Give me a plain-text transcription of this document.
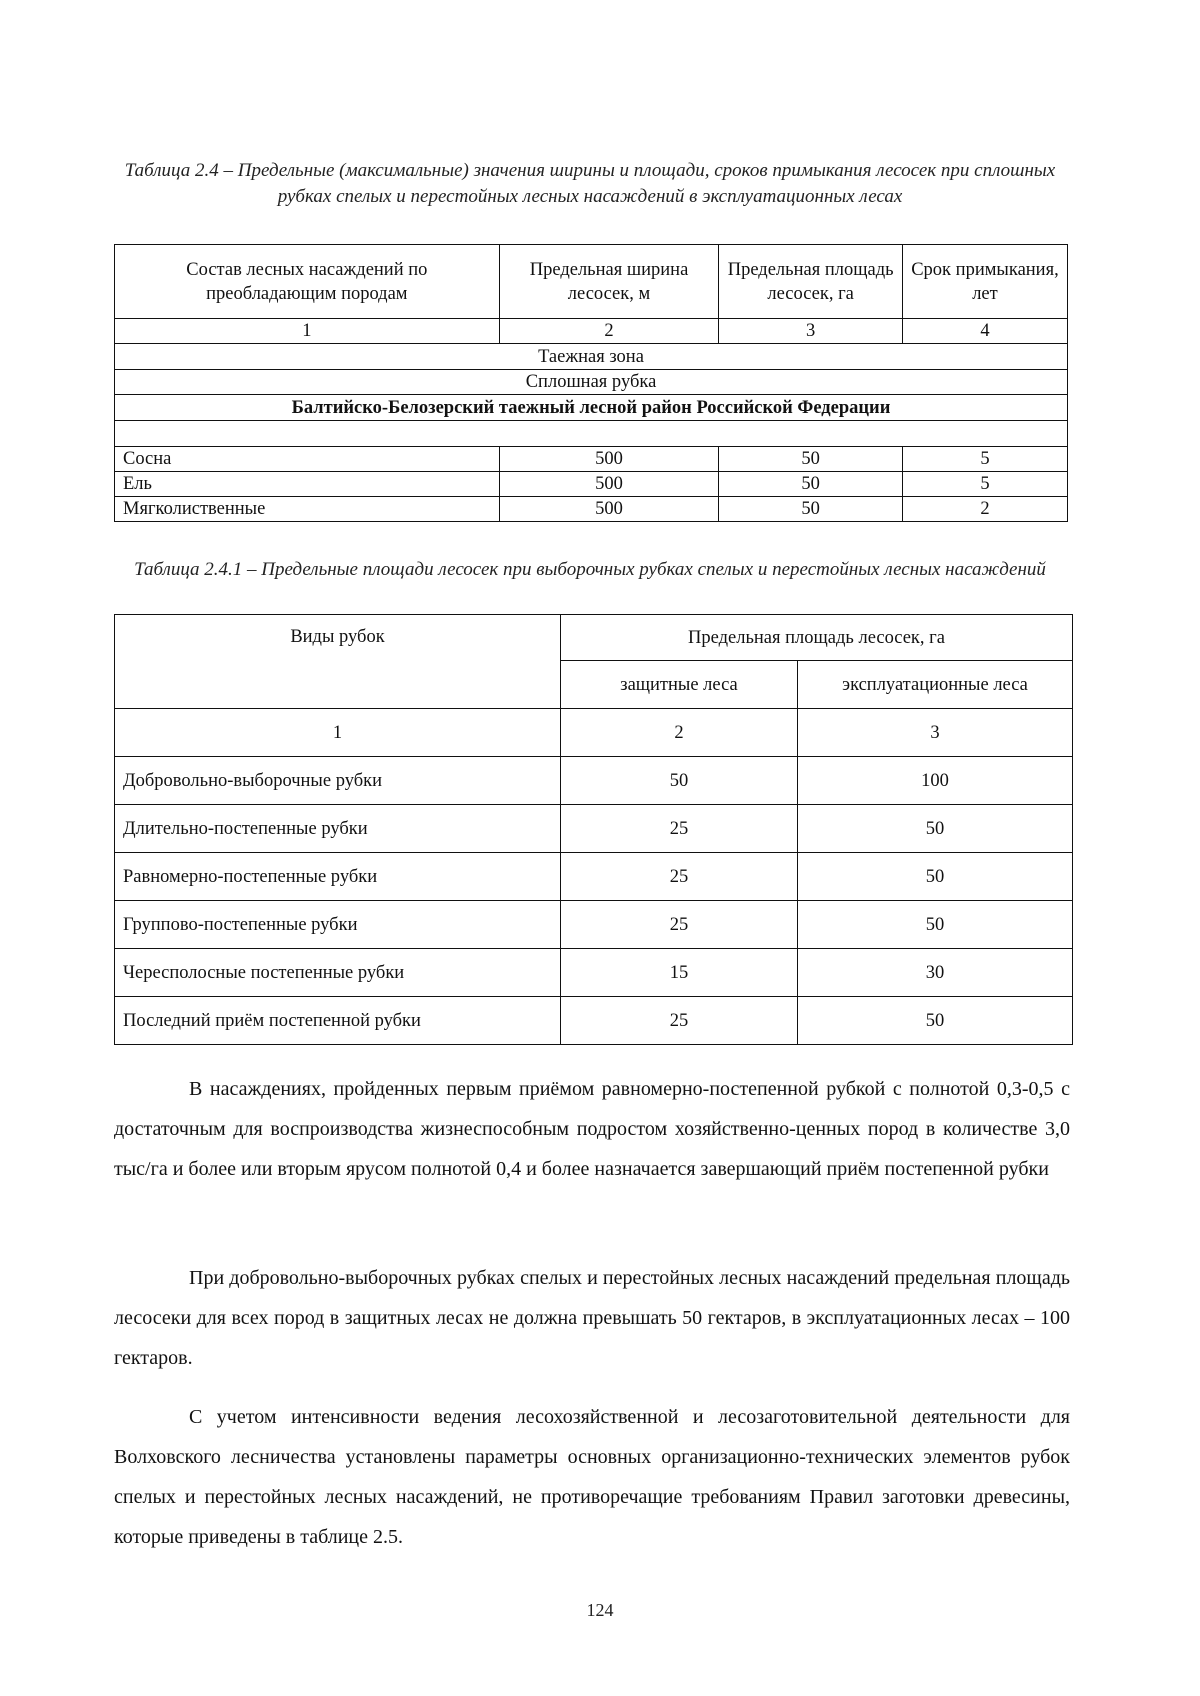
Таблица 2.4 – Предельные (максимальные) значения ширины и площади, сроков примыкания лесосек при сплошных рубках спелых и перестойных лесных насаждений в эксплуатационных лесах
Состав лесных насаждений по преобладающим породам	Предельная ширина лесосек, м	Предельная площадь лесосек, га	Срок примыкания, лет
1	2	3	4
Таежная зона			
Сплошная рубка			
Балтийско-Белозерский таежный лесной район Российской Федерации			

Сосна	500	50	5
Ель	500	50	5
Мягколиственные	500	50	2
Таблица 2.4.1 – Предельные площади лесосек при выборочных рубках спелых и перестойных лесных насаждений
Виды рубок	Предельная площадь лесосек, га	
	защитные леса	эксплуатационные леса
1	2	3
Добровольно-выборочные рубки	50	100
Длительно-постепенные рубки	25	50
Равномерно-постепенные рубки	25	50
Группово-постепенные рубки	25	50
Чересполосные постепенные рубки	15	30
Последний приём постепенной рубки	25	50

В насаждениях, пройденных первым приёмом равномерно-постепенной рубкой с полнотой 0,3-0,5 с достаточным для воспроизводства жизнеспособным подростом хозяйственно-ценных пород в количестве 3,0 тыс/га и более или вторым ярусом полнотой 0,4 и более назначается завершающий приём постепенной рубки

При добровольно-выборочных рубках спелых и перестойных лесных насаждений предельная площадь лесосеки для всех пород в защитных лесах не должна превышать 50 гектаров, в эксплуатационных лесах – 100 гектаров.

С учетом интенсивности ведения лесохозяйственной и лесозаготовительной деятельности для Волховского лесничества установлены параметры основных организационно-технических элементов рубок спелых и перестойных лесных насаждений, не противоречащие требованиям Правил заготовки древесины, которые приведены в таблице 2.5.

124
